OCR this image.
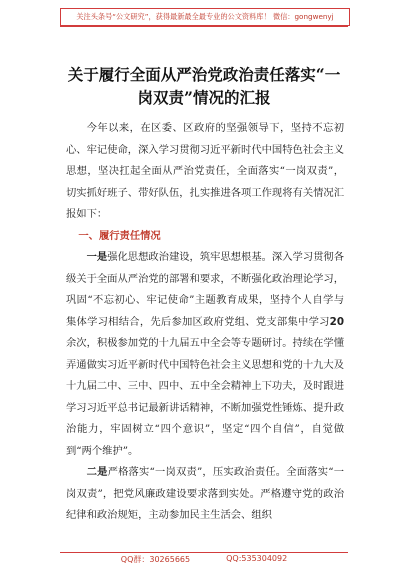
关注头条号“公文研究”，获得最新最全最专业的公文资料库！ 微信：gongwenyj
关于履行全面从严治党政治责任落实“一
岗双责”情况的汇报

今年以来，在区委、区政府的坚强领导下，坚持不忘初心、牢记使命，深入学习贯彻习近平新时代中国特色社会主义思想，坚决扛起全面从严治党责任，全面落实“一岗双责”，切实抓好班子、带好队伍，扎实推进各项工作现将有关情况汇报如下：

一、履行责任情况

一是强化思想政治建设，筑牢思想根基。深入学习贯彻各级关于全面从严治党的部署和要求，不断强化政治理论学习，巩固“不忘初心、牢记使命”主题教育成果，坚持个人自学与集体学习相结合，先后参加区政府党组、党支部集中学习20余次，积极参加党的十九届五中全会等专题研讨。持续在学懂弄通做实习近平新时代中国特色社会主义思想和党的十九大及十九届二中、三中、四中、五中全会精神上下功夫，及时跟进学习习近平总书记最新讲话精神，不断加强党性锤炼、提升政治能力，牢固树立“四个意识”，坚定“四个自信”，自觉做到“两个维护”。

二是严格落实“一岗双责”，压实政治责任。全面落实“一岗双责”，把党风廉政建设要求落到实处。严格遵守党的政治纪律和政治规矩，主动参加民主生活会、组织

QQ群：30265665	QQ:535304092
